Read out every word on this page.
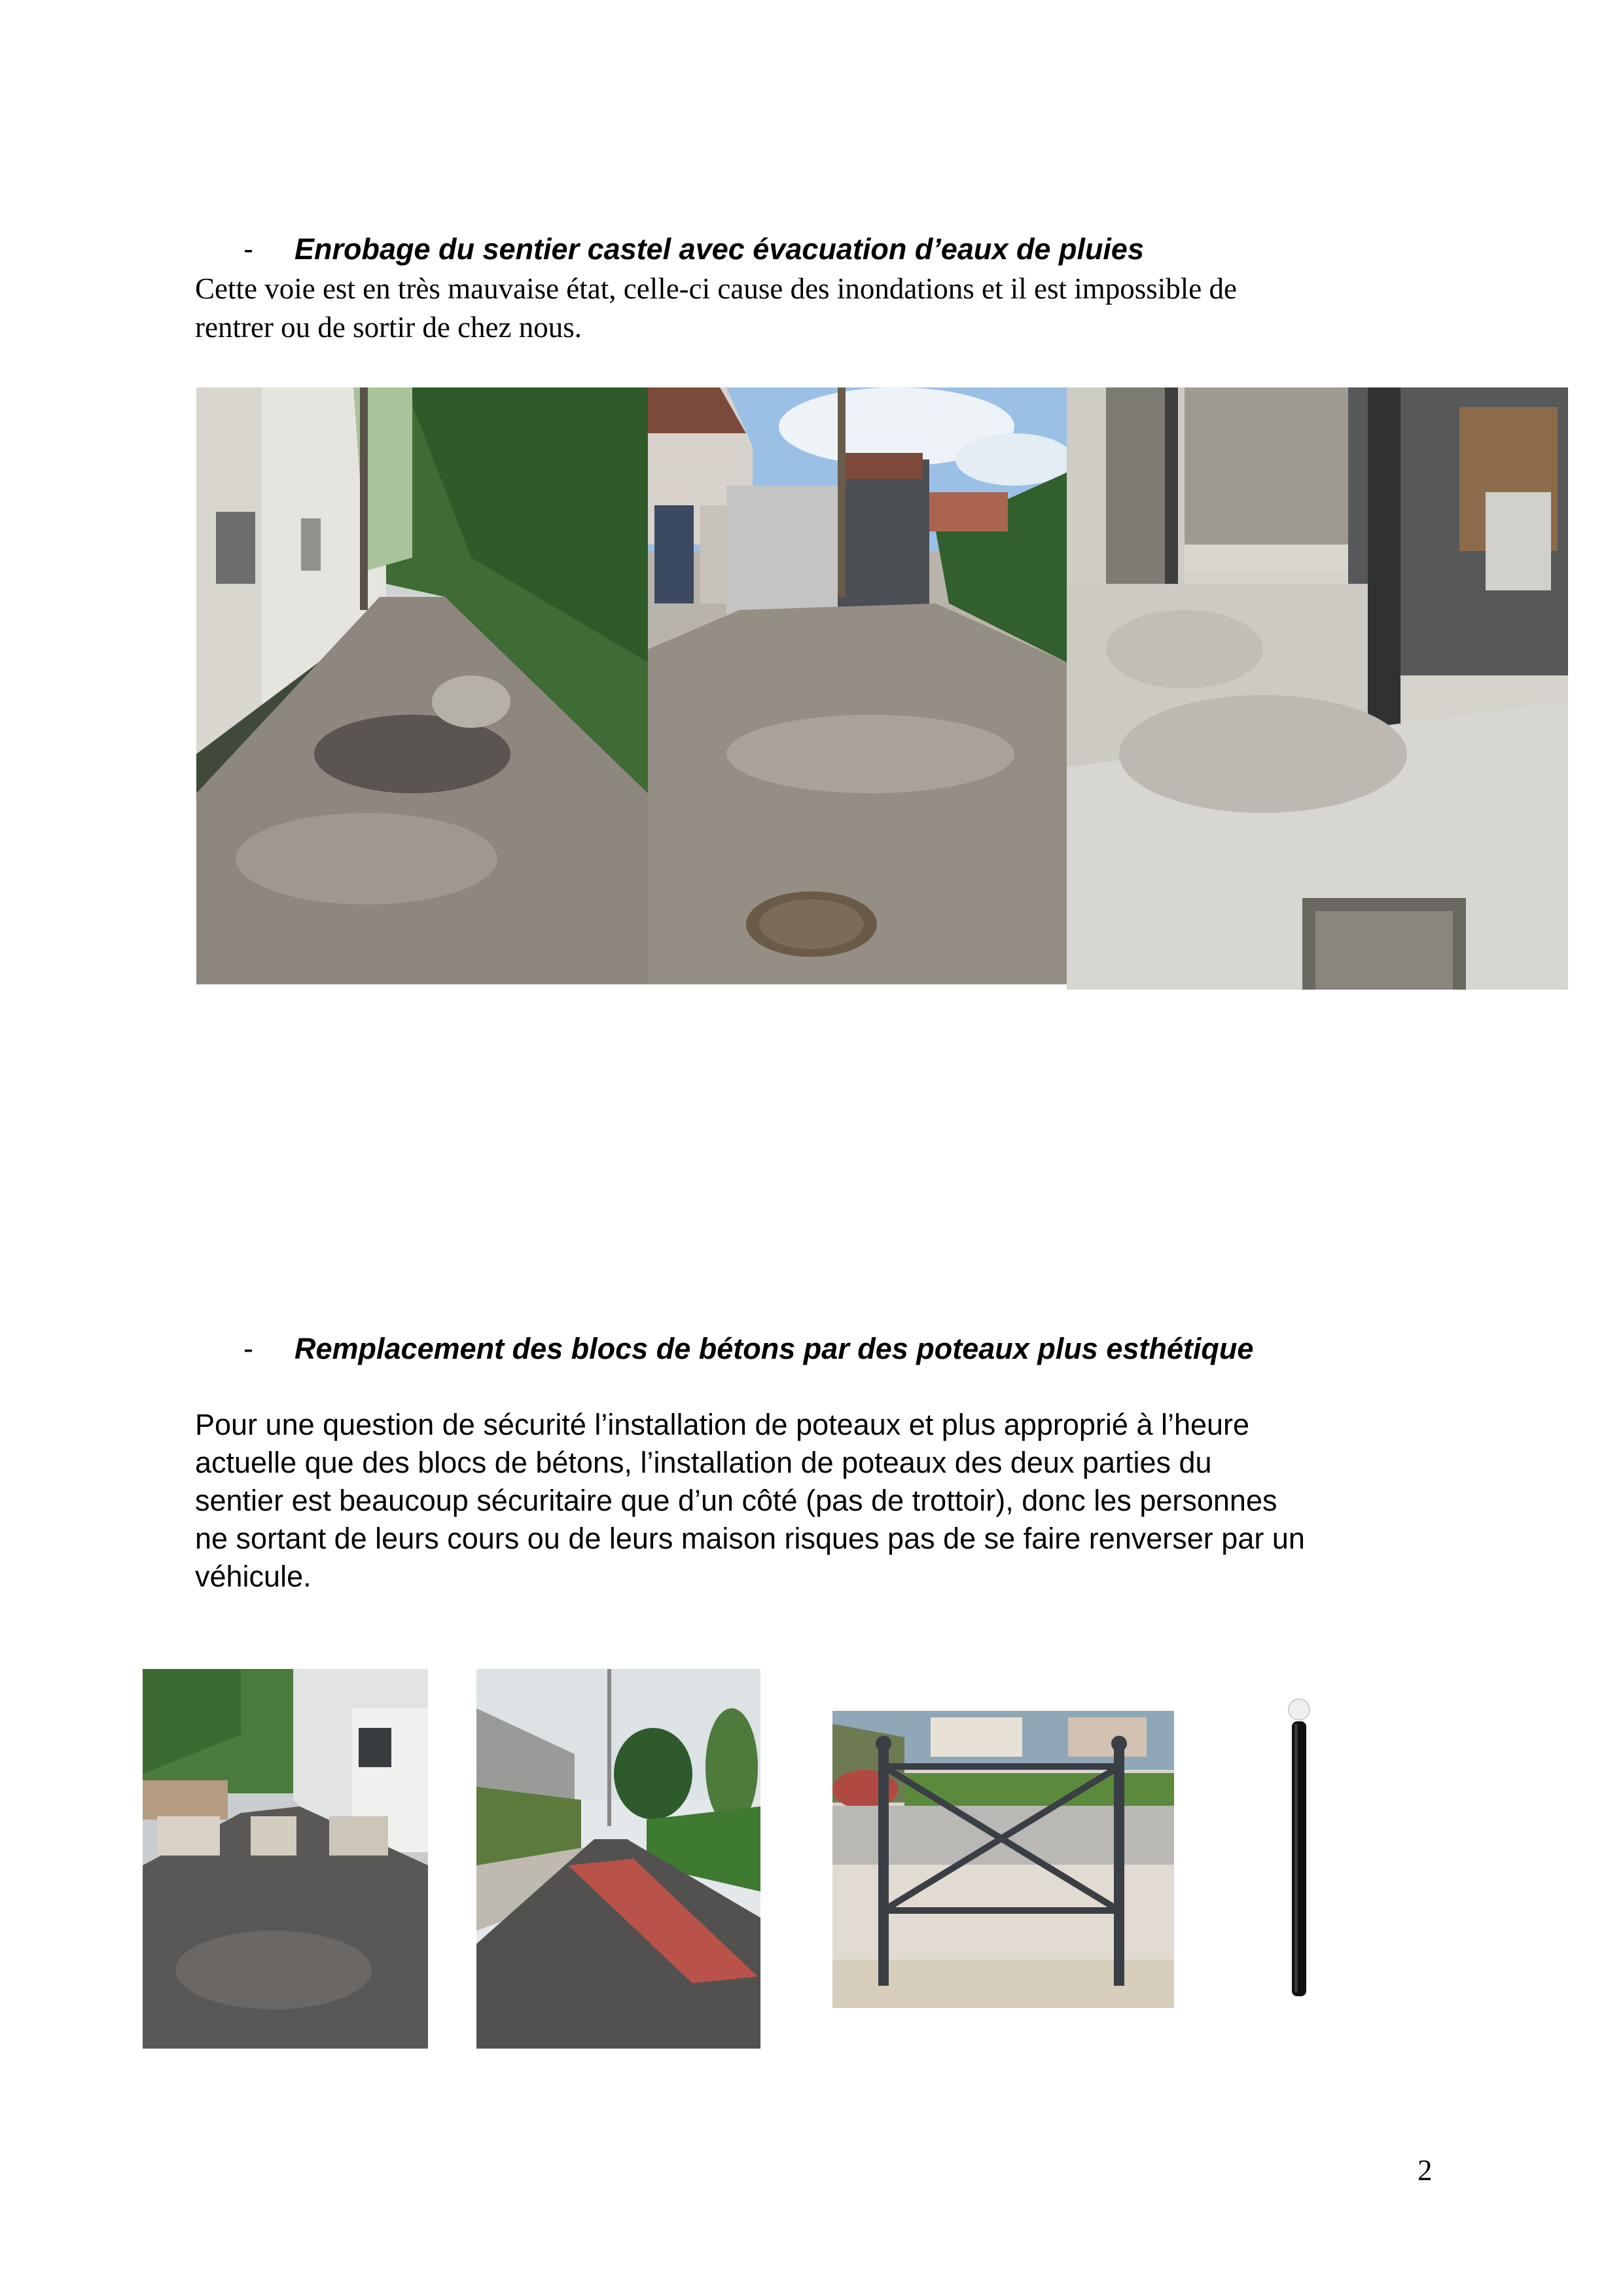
- Enrobage du sentier castel avec évacuation d’eaux de pluies
Cette voie est en très mauvaise état, celle-ci cause des inondations et il est impossible de
rentrer ou de sortir de chez nous.
- Remplacement des blocs de bétons par des poteaux plus esthétique
Pour une question de sécurité l’installation de poteaux et plus approprié à l’heure
actuelle que des blocs de bétons, l’installation de poteaux des deux parties du
sentier est beaucoup sécuritaire que d’un côté (pas de trottoir), donc les personnes
ne sortant de leurs cours ou de leurs maison risques pas de se faire renverser par un
véhicule.
2
